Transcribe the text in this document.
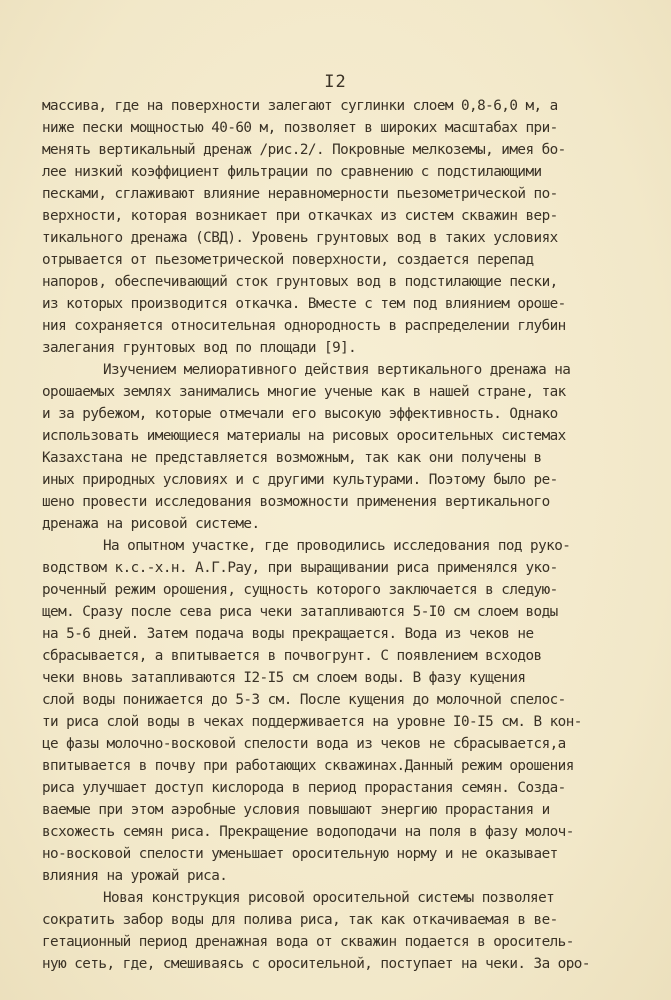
I2
массива, где на поверхности залегают суглинки слоем 0,8-6,0 м, а
ниже пески мощностью 40-60 м, позволяет в широких масштабах при-
менять вертикальный дренаж /рис.2/. Покровные мелкоземы, имея бо-
лее низкий коэффициент фильтрации по сравнению с подстилающими
песками, сглаживают влияние неравномерности пьезометрической по-
верхности, которая возникает при откачках из систем скважин вер-
тикального дренажа (СВД). Уровень грунтовых вод в таких условиях
отрывается от пьезометрической поверхности, создается перепад
напоров, обеспечивающий сток грунтовых вод в подстилающие пески,
из которых производится откачка. Вместе с тем под влиянием ороше-
ния сохраняется относительная однородность в распределении глубин
залегания грунтовых вод по площади [9].
Изучением мелиоративного действия вертикального дренажа на
орошаемых землях занимались многие ученые как в нашей стране, так
и за рубежом, которые отмечали его высокую эффективность. Однако
использовать имеющиеся материалы на рисовых оросительных системах
Казахстана не представляется возможным, так как они получены в
иных природных условиях и с другими культурами. Поэтому было ре-
шено провести исследования возможности применения вертикального
дренажа на рисовой системе.
На опытном участке, где проводились исследования под руко-
водством к.с.-х.н. А.Г.Рау, при выращивании риса применялся уко-
роченный режим орошения, сущность которого заключается в следую-
щем. Сразу после сева риса чеки затапливаются 5-I0 см слоем воды
на 5-6 дней. Затем подача воды прекращается. Вода из чеков не
сбрасывается, а впитывается в почвогрунт. С появлением всходов
чеки вновь затапливаются I2-I5 см слоем воды. В фазу кущения
слой воды понижается до 5-3 см. После кущения до молочной спелос-
ти риса слой воды в чеках поддерживается на уровне I0-I5 см. В кон-
це фазы молочно-восковой спелости вода из чеков не сбрасывается,а
впитывается в почву при работающих скважинах.Данный режим орошения
риса улучшает доступ кислорода в период прорастания семян. Созда-
ваемые при этом аэробные условия повышают энергию прорастания и
всхожесть семян риса. Прекращение водоподачи на поля в фазу молоч-
но-восковой спелости уменьшает оросительную норму и не оказывает
влияния на урожай риса.
Новая конструкция рисовой оросительной системы позволяет
сократить забор воды для полива риса, так как откачиваемая в ве-
гетационный период дренажная вода от скважин подается в ороситель-
ную сеть, где, смешиваясь с оросительной, поступает на чеки. За оро-
